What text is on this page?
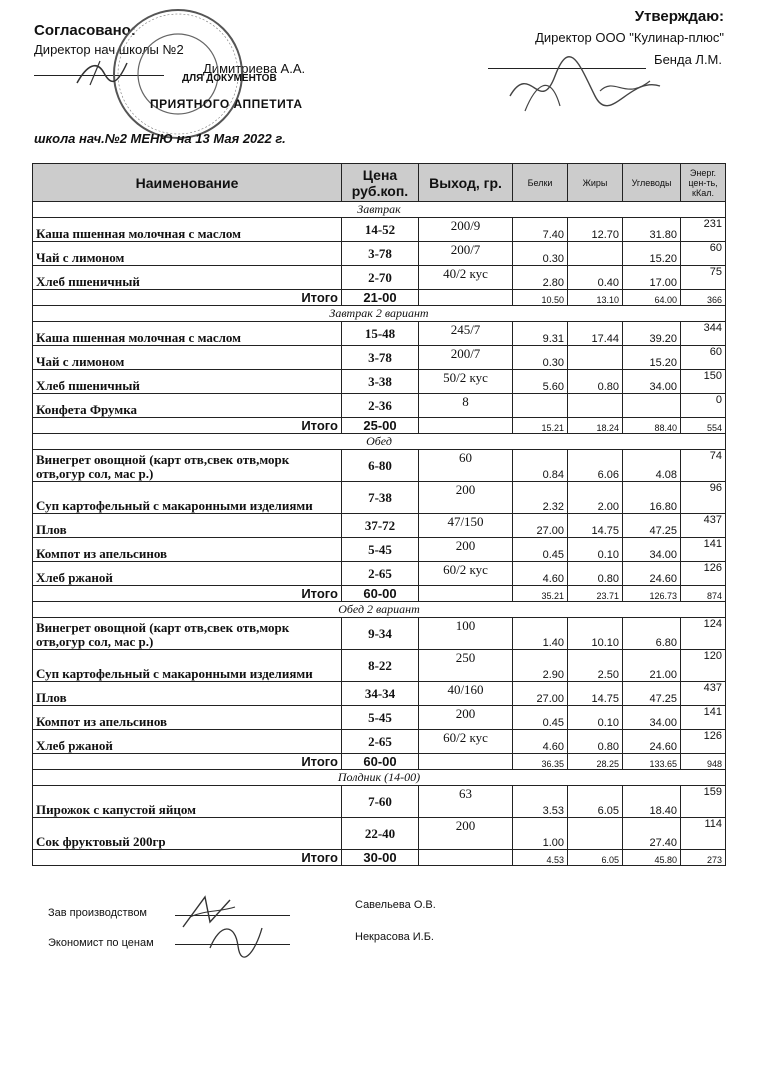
Согласовано:
Директор нач.школы №2
Димитриева А.А.
ДЛЯ ДОКУМЕНТОВ
ПРИЯТНОГО АППЕТИТА
школа нач.№2 МЕНЮ на 13 Мая 2022 г.
Утверждаю:
Директор ООО "Кулинар-плюс"
Бенда Л.М.
Наименование	Цена руб.коп.	Выход, гр.	Белки	Жиры	Углеводы	Энерг. цен-ть, кКал.
Завтрак						
Каша пшенная молочная с маслом	14-52	200/9	7.40	12.70	31.80	231
Чай с лимоном	3-78	200/7	0.30		15.20	60
Хлеб пшеничный	2-70	40/2 кус	2.80	0.40	17.00	75
Итого	21-00		10.50	13.10	64.00	366
Завтрак 2 вариант						
Каша пшенная молочная с маслом	15-48	245/7	9.31	17.44	39.20	344
Чай с лимоном	3-78	200/7	0.30		15.20	60
Хлеб пшеничный	3-38	50/2 кус	5.60	0.80	34.00	150
Конфета Фрумка	2-36	8				0
Итого	25-00		15.21	18.24	88.40	554
Обед						
Винегрет овощной (карт отв,свек отв,морк отв,огур сол, мас р.)	6-80	60	0.84	6.06	4.08	74
Суп картофельный с макаронными изделиями	7-38	200	2.32	2.00	16.80	96
Плов	37-72	47/150	27.00	14.75	47.25	437
Компот из апельсинов	5-45	200	0.45	0.10	34.00	141
Хлеб ржаной	2-65	60/2 кус	4.60	0.80	24.60	126
Итого	60-00		35.21	23.71	126.73	874
Обед 2 вариант						
Винегрет овощной (карт отв,свек отв,морк отв,огур сол, мас р.)	9-34	100	1.40	10.10	6.80	124
Суп картофельный с макаронными изделиями	8-22	250	2.90	2.50	21.00	120
Плов	34-34	40/160	27.00	14.75	47.25	437
Компот из апельсинов	5-45	200	0.45	0.10	34.00	141
Хлеб ржаной	2-65	60/2 кус	4.60	0.80	24.60	126
Итого	60-00		36.35	28.25	133.65	948
Полдник (14-00)						
Пирожок с капустой яйцом	7-60	63	3.53	6.05	18.40	159
Сок фруктовый 200гр	22-40	200	1.00		27.40	114
Итого	30-00		4.53	6.05	45.80	273
Зав производством
Савельева О.В.
Экономист по ценам	Некрасова И.Б.
